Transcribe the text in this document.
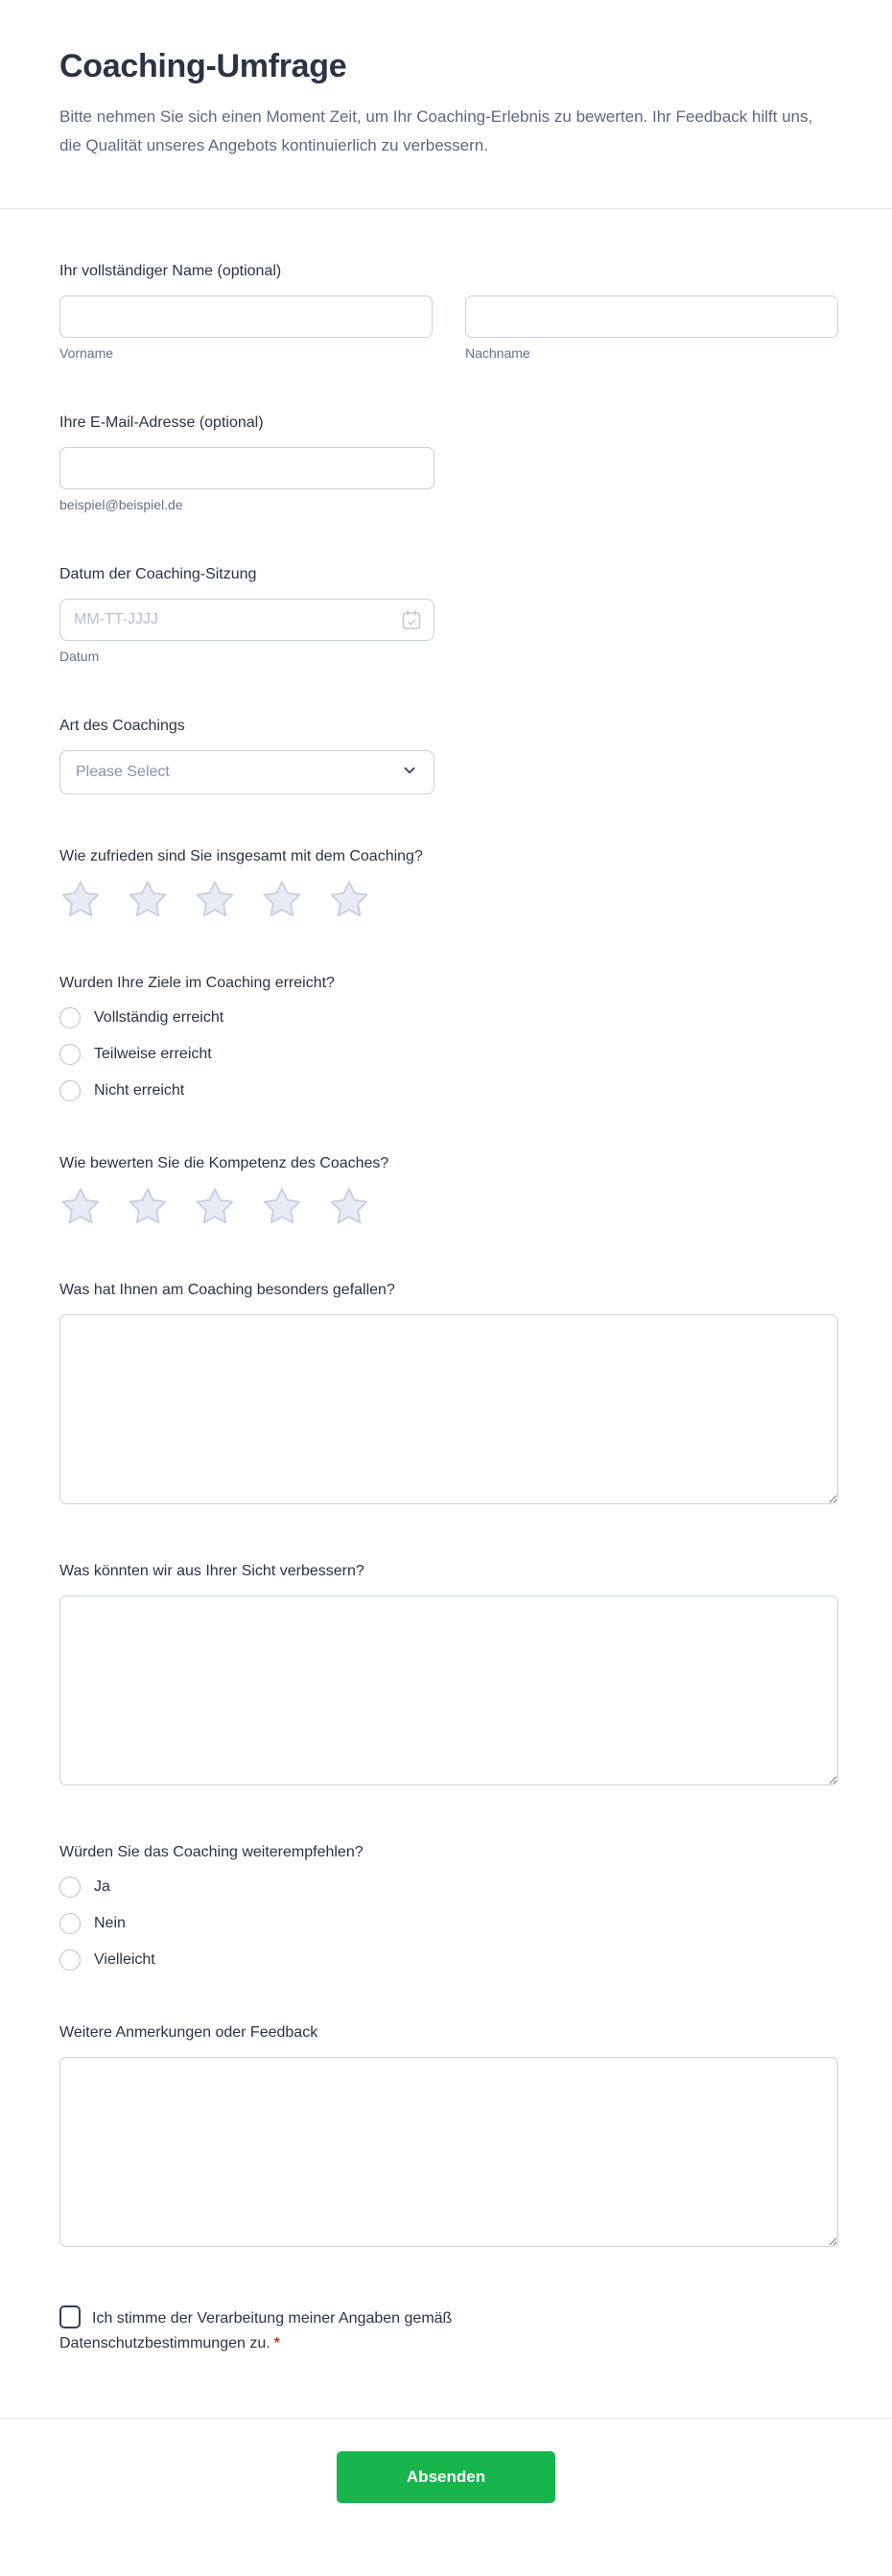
Coaching-Umfrage

Bitte nehmen Sie sich einen Moment Zeit, um Ihr Coaching-Erlebnis zu bewerten. Ihr Feedback hilft uns, die Qualität unseres Angebots kontinuierlich zu verbessern.

Ihr vollständiger Name (optional)
Vorname	Nachname
Ihre E-Mail-Adresse (optional)
beispiel@beispiel.de
Datum der Coaching-Sitzung
MM-TT-JJJJ
Datum
Art des Coachings
Please Select
Wie zufrieden sind Sie insgesamt mit dem Coaching?
Wurden Ihre Ziele im Coaching erreicht?
Vollständig erreicht
Teilweise erreicht
Nicht erreicht
Wie bewerten Sie die Kompetenz des Coaches?
Was hat Ihnen am Coaching besonders gefallen?
Was könnten wir aus Ihrer Sicht verbessern?
Würden Sie das Coaching weiterempfehlen?
Ja
Nein
Vielleicht
Weitere Anmerkungen oder Feedback
Ich stimme der Verarbeitung meiner Angaben gemäß Datenschutzbestimmungen zu. *
Absenden
